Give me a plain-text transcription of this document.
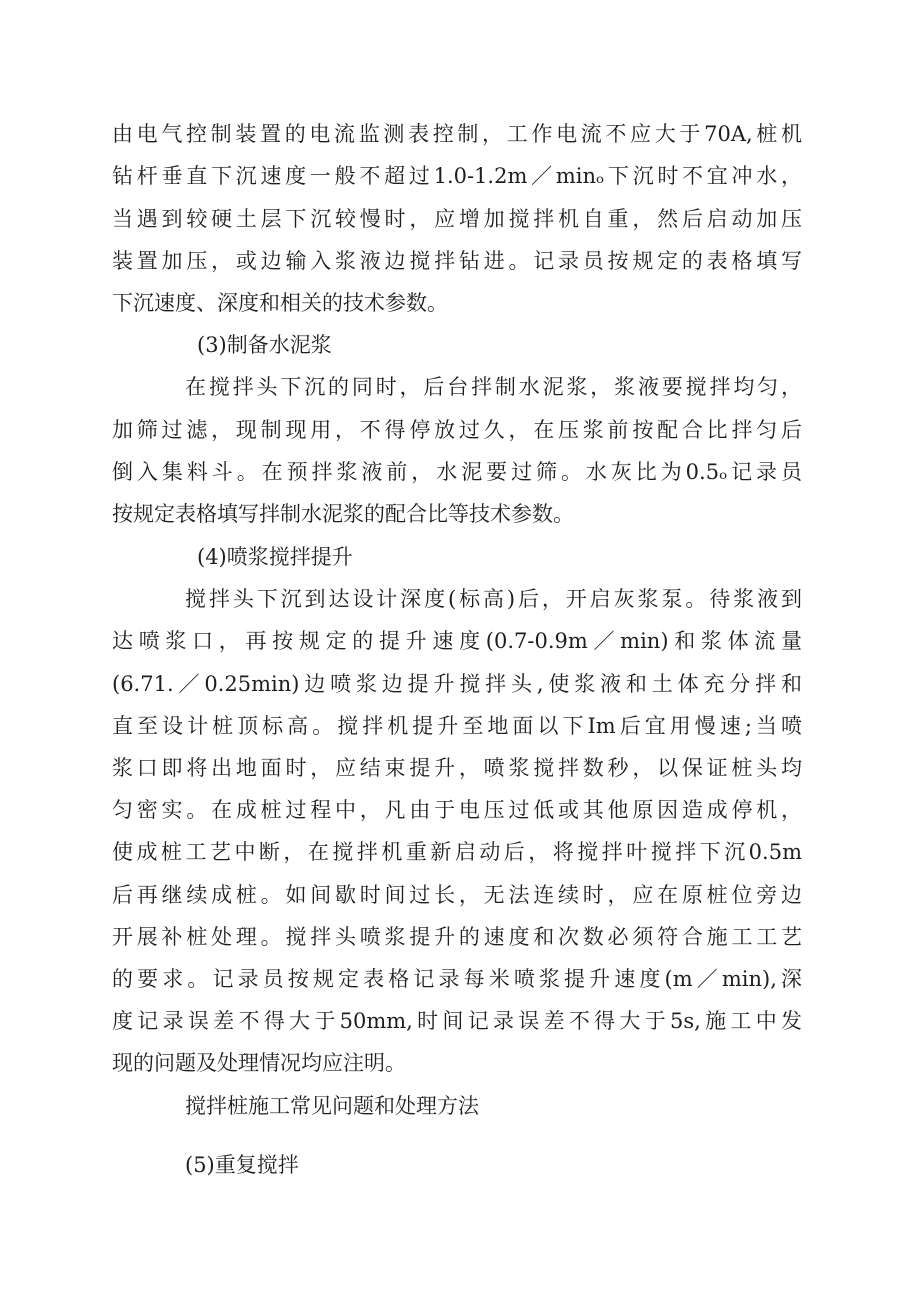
由电气控制装置的电流监测表控制，工作电流不应大于70A,桩机
钻杆垂直下沉速度一般不超过1.0-1.2m／minₒ下沉时不宜冲水，
当遇到较硬土层下沉较慢时，应增加搅拌机自重，然后启动加压
装置加压，或边输入浆液边搅拌钻进。记录员按规定的表格填写
下沉速度、深度和相关的技术参数。
(3)制备水泥浆
在搅拌头下沉的同时，后台拌制水泥浆，浆液要搅拌均匀，
加筛过滤，现制现用，不得停放过久，在压浆前按配合比拌匀后
倒入集料斗。在预拌浆液前，水泥要过筛。水灰比为0.5ₒ记录员
按规定表格填写拌制水泥浆的配合比等技术参数。
(4)喷浆搅拌提升
搅拌头下沉到达设计深度(标高)后，开启灰浆泵。待浆液到
达喷浆口，再按规定的提升速度(0.7-0.9m／min)和浆体流量
(6.71.／0.25min)边喷浆边提升搅拌头,使浆液和土体充分拌和
直至设计桩顶标高。搅拌机提升至地面以下Im后宜用慢速;当喷
浆口即将出地面时，应结束提升，喷浆搅拌数秒，以保证桩头均
匀密实。在成桩过程中，凡由于电压过低或其他原因造成停机，
使成桩工艺中断，在搅拌机重新启动后，将搅拌叶搅拌下沉0.5m
后再继续成桩。如间歇时间过长，无法连续时，应在原桩位旁边
开展补桩处理。搅拌头喷浆提升的速度和次数必须符合施工工艺
的要求。记录员按规定表格记录每米喷浆提升速度(m／min),深
度记录误差不得大于50mm,时间记录误差不得大于5s,施工中发
现的问题及处理情况均应注明。
搅拌桩施工常见问题和处理方法
(5)重复搅拌
